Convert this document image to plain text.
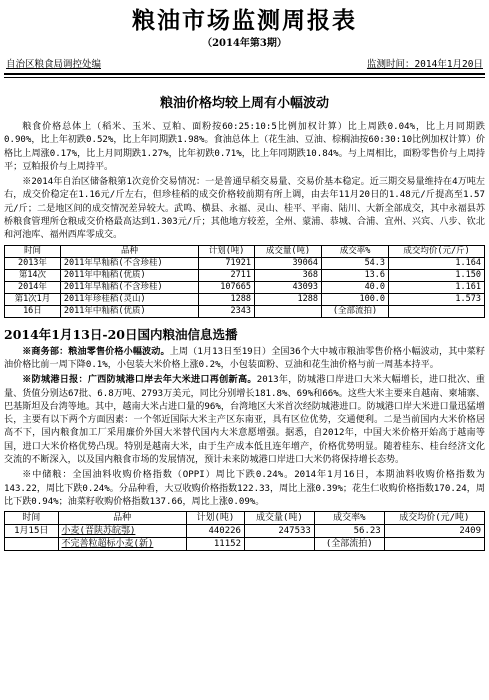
粮油市场监测周报表
（2014年第3期）
自治区粮食局调控处编	监测时间：2014年1月20日
粮油价格均较上周有小幅波动

粮食价格总体上（稻米、玉米、豆粕、面粉按60:25:10:5比例加权计算）比上周跌0.04%，比上月同期跌0.90%，比上年初跌0.52%，比上年同期跌1.98%。食油总体上（花生油、豆油、棕榈油按60:30:10比例加权计算）价格比上周涨0.17%，比上月同期跌1.27%，比年初跌0.71%，比上年同期跌10.84%。与上周相比，面粉零售价与上周持平；豆粕报价与上周持平。

※2014年自治区储备粮第1次竞价交易情况：一是普通早稻交易量、交易价基本稳定。近三期交易量维持在4万吨左右，成交价稳定在1.16元/斤左右，但珍桂稻的成交价格较前期有所上调，由去年11月20日的1.48元/斤提高至1.57元/斤；二是地区间的成交情况差异较大。武鸣、横县、永福、灵山、桂平、平南、陆川、大新全部成交，其中永福县苏桥粮食管理所仓粮成交价格最高达到1.303元/斤；其他地方较差，全州、蒙浦、恭城、合浦、宜州、兴宾、八步、钦北和河池库、福州西库零成交。

时间	品种	计划(吨)	成交量(吨)	成交率%	成交均价(元/斤)
2013年	2011年早籼稻(不含珍桂)	71921	39064	54.3	1.164
第14次	2011年中籼稻(优质)	2711	368	13.6	1.150
2014年	2011年早籼稻(不含珍桂)	107665	43093	40.0	1.161
第1次1月	2011年珍桂稻(灵山)	1288	1288	100.0	1.573
16日	2011年中籼稻(优质)	2343		(全部流拍)	
2014年1月13日-20日国内粮油信息选播

※商务部：粮油零售价格小幅波动。上周（1月13日至19日）全国36个大中城市粮油零售价格小幅波动，其中菜籽油价格比前一周下降0.1%，小包装大米价格上涨0.2%，小包装面粉、豆油和花生油价格与前一周基本持平。

※防城港日报：广西防城港口岸去年大米进口再创新高。2013年，防城港口岸进口大米大幅增长，进口批次、重量、货值分别达67批、6.8万吨、2793万美元，同比分别增长181.8%、69%和66%。这些大米主要来自越南、柬埔寨、巴基斯坦及台湾等地。其中，越南大米占进口量的96%，台湾地区大米首次经防城港进口。防城港口岸大米进口量迅猛增长，主要有以下两个方面因素：一个邻近国际大米主产区东南亚，具有区位优势，交通便利。二是当前国内大米价格居高不下，国内粮食加工厂采用廉价外国大米替代国内大米意愿增强。据悉，自2012年，中国大米价格开始高于越南等国，进口大米价格优势凸现。特别是越南大米，由于生产成本低且连年增产，价格优势明显。随着桂东、桂台经济文化交流的不断深入，以及国内粮食市场的发展情况，预计未来防城港口岸进口大米仍将保持增长态势。

※中储粮：全国油料收购价格指数（OPPI）周比下跌0.24%。2014年1月16日，本期油料收购价格指数为143.22，周比下跌0.24%。分品种看，大豆收购价格指数122.33，周比上涨0.39%；花生仁收购价格指数170.24，周比下跌0.94%；油菜籽收购价格指数137.66，周比上涨0.09%。

时间	品种	计划(吨)	成交量(吨)	成交率%	成交均价(元/吨)
1月15日	小麦(晋陕苏皖鄂)	440226	247533	56.23	2409
	不完善粒超标小麦(新)	11152		(全部流拍)	
